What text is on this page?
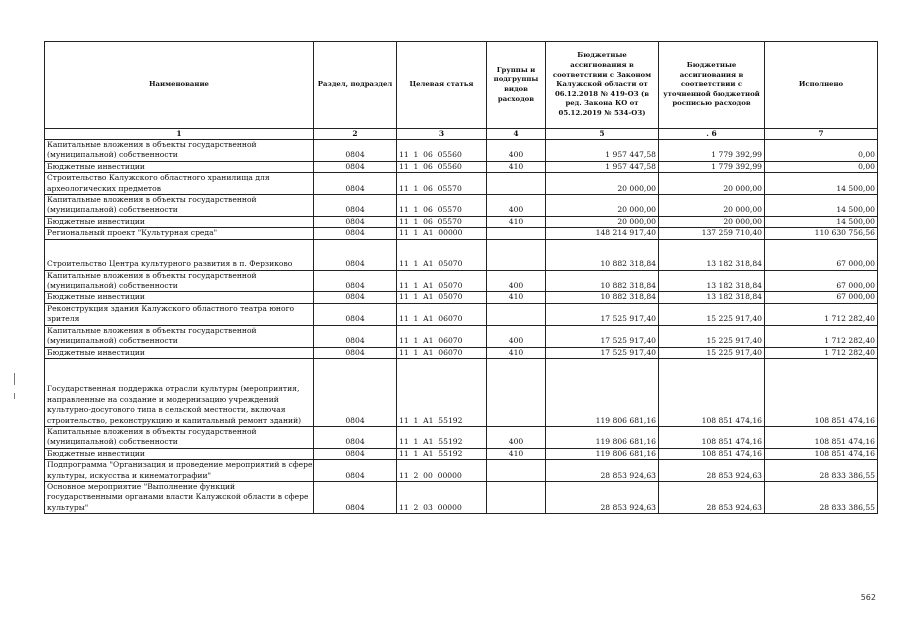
Наименование	Раздел, подраздел	Целевая статья	Группы и подгруппы видов расходов	Бюджетные ассигнования в соответствии с Законом Калужской области от 06.12.2018 № 419-ОЗ (в ред. Закона КО от 05.12.2019 № 534-ОЗ)	Бюджетные ассигнования в соответствии с уточненной бюджетной росписью расходов	Исполнено
1	2	3	4	5	. 6	7

Капитальные вложения в объекты государственной
(муниципальной) собственности	0804	11  1  06  05560	400	1 957 447,58	1 779 392,99	0,00

Бюджетные инвестиции	0804	11  1  06  05560	410	1 957 447,58	1 779 392,99	0,00

Строительство Калужского областного хранилища для
археологических предметов	0804	11  1  06  05570		20 000,00	20 000,00	14 500,00

Капитальные вложения в объекты государственной
(муниципальной) собственности	0804	11  1  06  05570	400	20 000,00	20 000,00	14 500,00

Бюджетные инвестиции	0804	11  1  06  05570	410	20 000,00	20 000,00	14 500,00

Региональный проект "Культурная среда"	0804	11  1  A1  00000		148 214 917,40	137 259 710,40	110 630 756,56

Строительство Центра культурного развития в п. Ферзиково	0804	11  1  A1  05070		10 882 318,84	13 182 318,84	67 000,00

Капитальные вложения в объекты государственной
(муниципальной) собственности	0804	11  1  A1  05070	400	10 882 318,84	13 182 318,84	67 000,00

Бюджетные инвестиции	0804	11  1  A1  05070	410	10 882 318,84	13 182 318,84	67 000,00

Реконструкция здания Калужского областного театра юного
зрителя	0804	11  1  A1  06070		17 525 917,40	15 225 917,40	1 712 282,40

Капитальные вложения в объекты государственной
(муниципальной) собственности	0804	11  1  A1  06070	400	17 525 917,40	15 225 917,40	1 712 282,40

Бюджетные инвестиции	0804	11  1  A1  06070	410	17 525 917,40	15 225 917,40	1 712 282,40

Государственная поддержка отрасли культуры (мероприятия,
направленные на создание и модернизацию учреждений
культурно-досугового типа в сельской местности, включая
строительство, реконструкцию и капитальный ремонт зданий)	0804	11  1  A1  55192		119 806 681,16	108 851 474,16	108 851 474,16

Капитальные вложения в объекты государственной
(муниципальной) собственности	0804	11  1  A1  55192	400	119 806 681,16	108 851 474,16	108 851 474,16

Бюджетные инвестиции	0804	11  1  A1  55192	410	119 806 681,16	108 851 474,16	108 851 474,16

Подпрограмма "Организация и проведение мероприятий в сфере
культуры, искусства и кинематографии"	0804	11  2  00  00000		28 853 924,63	28 853 924,63	28 833 386,55

Основное мероприятие "Выполнение функций
государственными органами власти Калужской области в сфере
культуры"	0804	11  2  03  00000		28 853 924,63	28 853 924,63	28 833 386,55
562
